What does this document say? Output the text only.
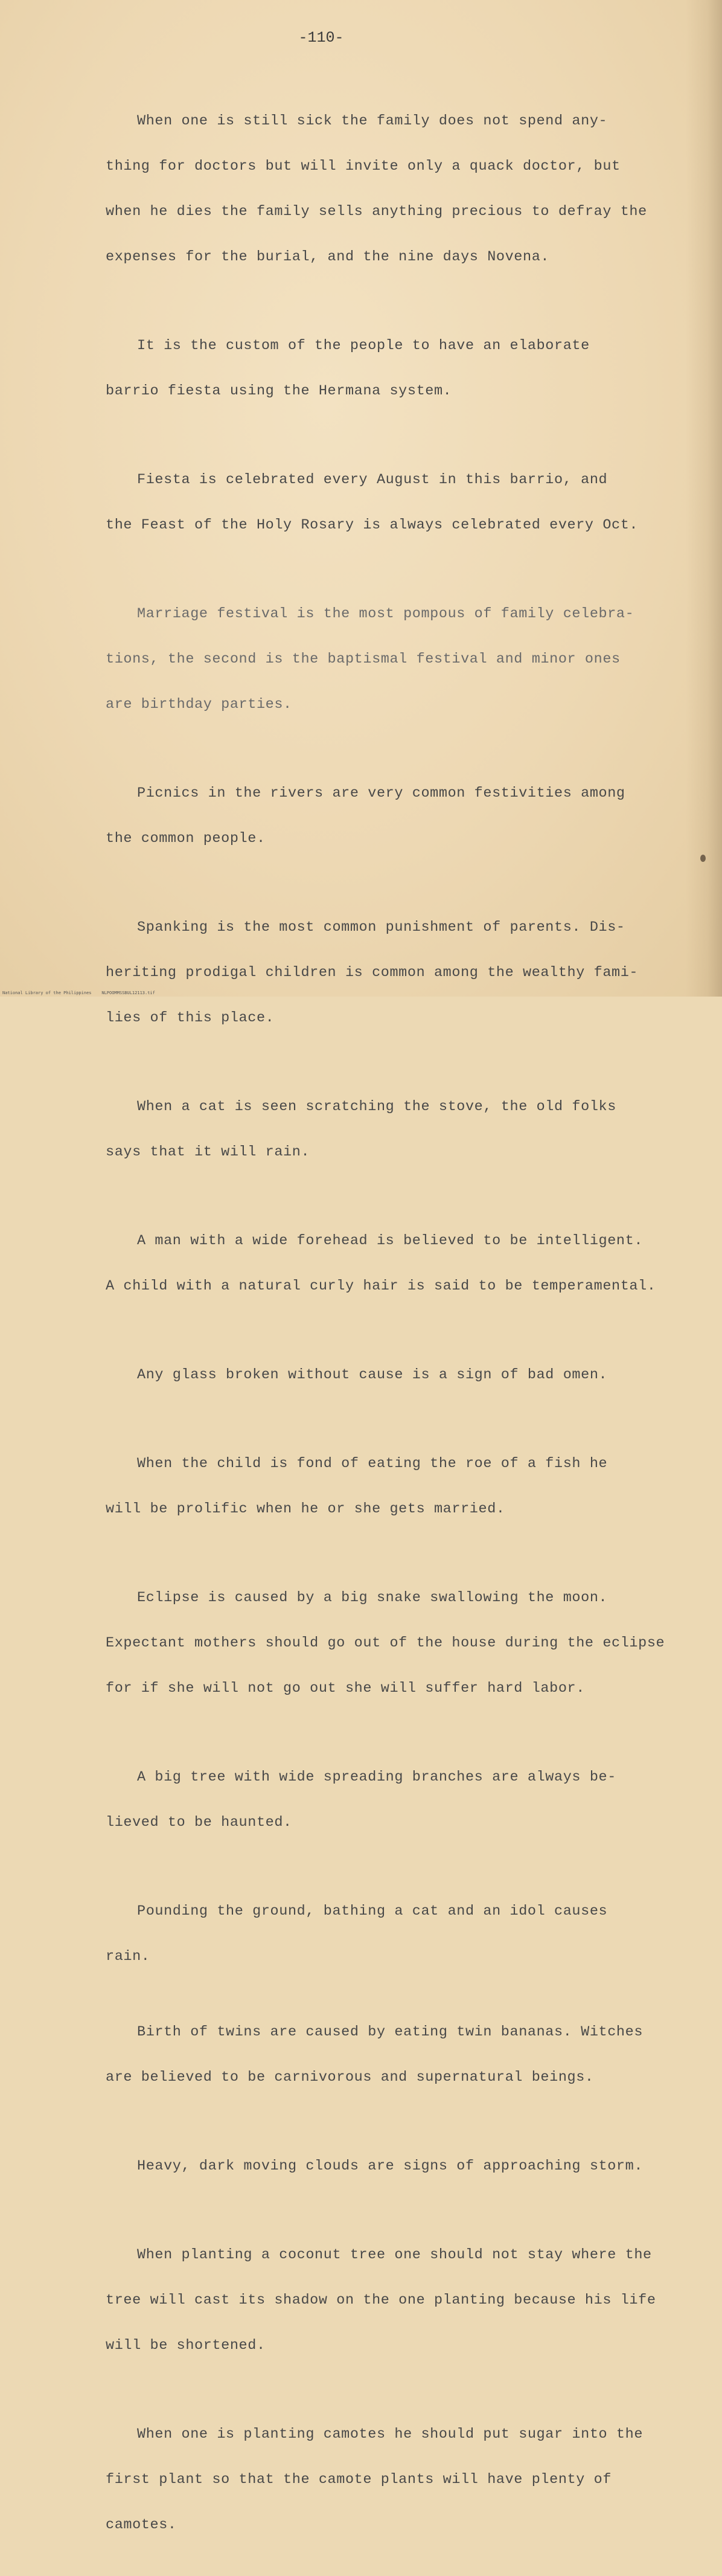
-110-

When one is still sick the family does not spend any-

thing for doctors but will invite only a quack doctor, but

when he dies the family sells anything precious to defray the

expenses for the burial, and the nine days Novena.

It is the custom of the people to have an elaborate

barrio fiesta using the Hermana system.

Fiesta is celebrated every August in this barrio, and

the Feast of the Holy Rosary is always celebrated every Oct.

Marriage festival is the most pompous of family celebra-

tions, the second is the baptismal festival and minor ones

are birthday parties.

Picnics in the rivers are very common festivities among

the common people.

Spanking is the most common punishment of parents. Dis-

heriting prodigal children is common among the wealthy fami-

lies of this place.

When a cat is seen scratching the stove, the old folks

says that it will rain.

A man with a wide forehead is believed to be intelligent.

A child with a natural curly hair is said to be temperamental.

Any glass broken without cause is a sign of bad omen.

When the child is fond of eating the roe of a fish he

will be prolific when he or she gets married.

Eclipse is caused by a big snake swallowing the moon.

Expectant mothers should go out of the house during the eclipse

for if she will not go out she will suffer hard labor.

A big tree with wide spreading branches are always be-

lieved to be haunted.

Pounding the ground, bathing a cat and an idol causes

rain.

Birth of twins are caused by eating twin bananas. Witches

are believed to be carnivorous and supernatural beings.

Heavy, dark moving clouds are signs of approaching storm.

When planting a coconut tree one should not stay where the

tree will cast its shadow on the one planting because his life

will be shortened.

When one is planting camotes he should put sugar into the

first plant so that the camote plants will have plenty of

camotes.

National Library of the Philippines    NLPOOMMSSBUL12113.tif
